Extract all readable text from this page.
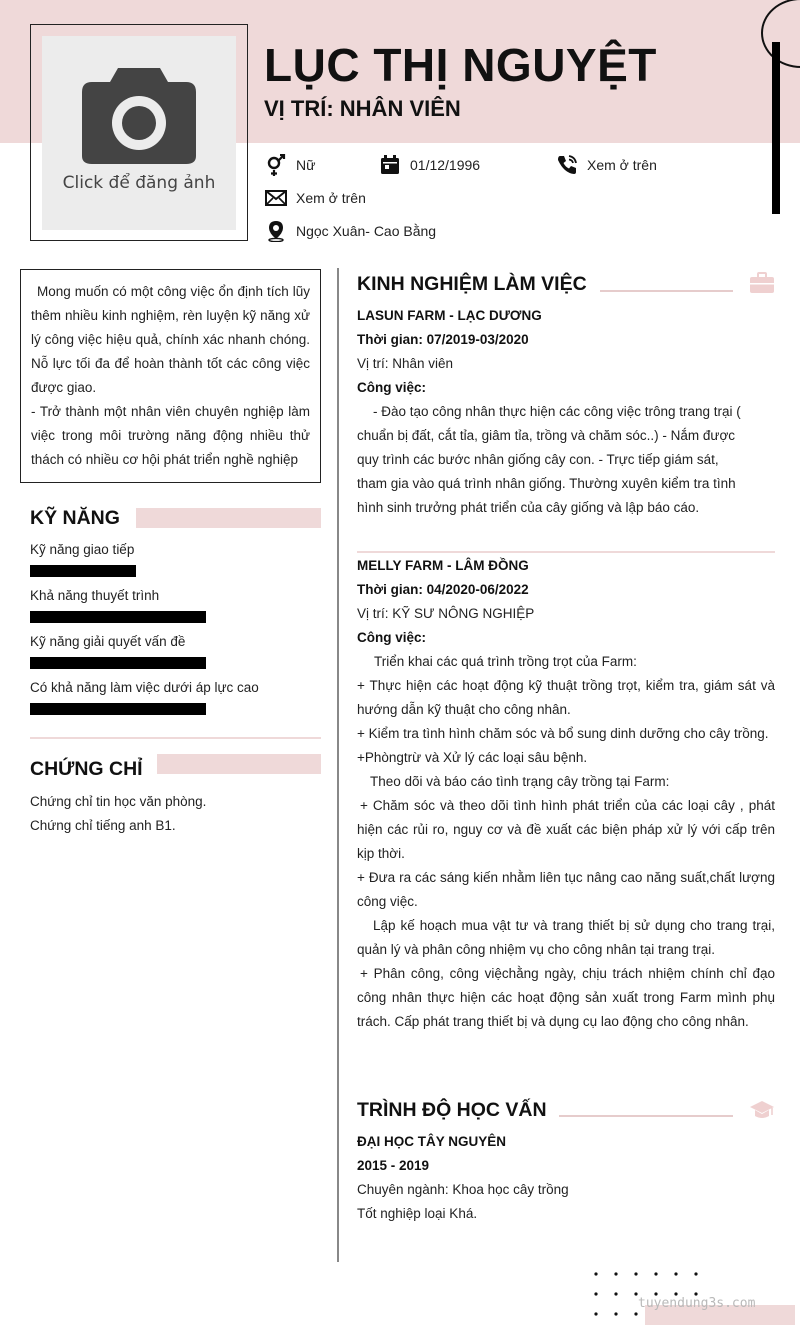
Click để đăng ảnh
LỤC THỊ NGUYỆT
VỊ TRÍ: NHÂN VIÊN
Nữ	01/12/1996	Xem ở trên
Xem ở trên
Ngọc Xuân- Cao Bằng

Mong muốn có một công việc ổn định tích lũy thêm nhiều kinh nghiệm, rèn luyện kỹ năng xử lý công việc hiệu quả, chính xác nhanh chóng. Nỗ lực tối đa để hoàn thành tốt các công việc được giao.

- Trở thành một nhân viên chuyên nghiệp làm việc trong môi trường năng động nhiều thử thách có nhiều cơ hội phát triển nghề nghiệp

KỸ NĂNG
Kỹ năng giao tiếp
Khả năng thuyết trình
Kỹ năng giải quyết vấn đề
Có khả năng làm việc dưới áp lực cao
CHỨNG CHỈ
Chứng chỉ tin học văn phòng.
Chứng chỉ tiếng anh B1.
KINH NGHIỆM LÀM VIỆC
LASUN FARM - LẠC DƯƠNG
Thời gian: 07/2019-03/2020
Vị trí: Nhân viên
Công việc:
- Đào tạo công nhân thực hiện các công việc trông trang trại ( chuẩn bị đất, cắt tỉa, giâm tỉa, trồng và chăm sóc..) - Nắm được quy trình các bước nhân giống cây con. - Trực tiếp giám sát, tham gia vào quá trình nhân giống. Thường xuyên kiểm tra tình hình sinh trưởng phát triển của cây giống và lập báo cáo.
MELLY FARM - LÂM ĐỒNG
Thời gian: 04/2020-06/2022
Vị trí: KỸ SƯ NÔNG NGHIỆP
Công việc:
Triển khai các quá trình trồng trọt của Farm:
+ Thực hiện các hoạt động kỹ thuật trồng trọt, kiểm tra, giám sát và hướng dẫn kỹ thuật cho công nhân.
+ Kiểm tra tình hình chăm sóc và bổ sung dinh dưỡng cho cây trồng.
+Phòngtrừ và Xử lý các loại sâu bệnh.
Theo dõi và báo cáo tình trạng cây trồng tại Farm:
+ Chăm sóc và theo dõi tình hình phát triển của các loại cây , phát hiện các rủi ro, nguy cơ và đề xuất các biện pháp xử lý với cấp trên kịp thời.
+ Đưa ra các sáng kiến nhằm liên tục nâng cao năng suất,chất lượng công việc.
Lập kế hoạch mua vật tư và trang thiết bị sử dụng cho trang trại, quản lý và phân công nhiệm vụ cho công nhân tại trang trại.
+ Phân công, công việchằng ngày, chịu trách nhiệm chính chỉ đạo công nhân thực hiện các hoạt động sản xuất trong Farm mình phụ trách. Cấp phát trang thiết bị và dụng cụ lao động cho công nhân.
TRÌNH ĐỘ HỌC VẤN
ĐẠI HỌC TÂY NGUYÊN
2015 - 2019
Chuyên ngành: Khoa học cây trồng
Tốt nghiệp loại Khá.
tuyendung3s.com
